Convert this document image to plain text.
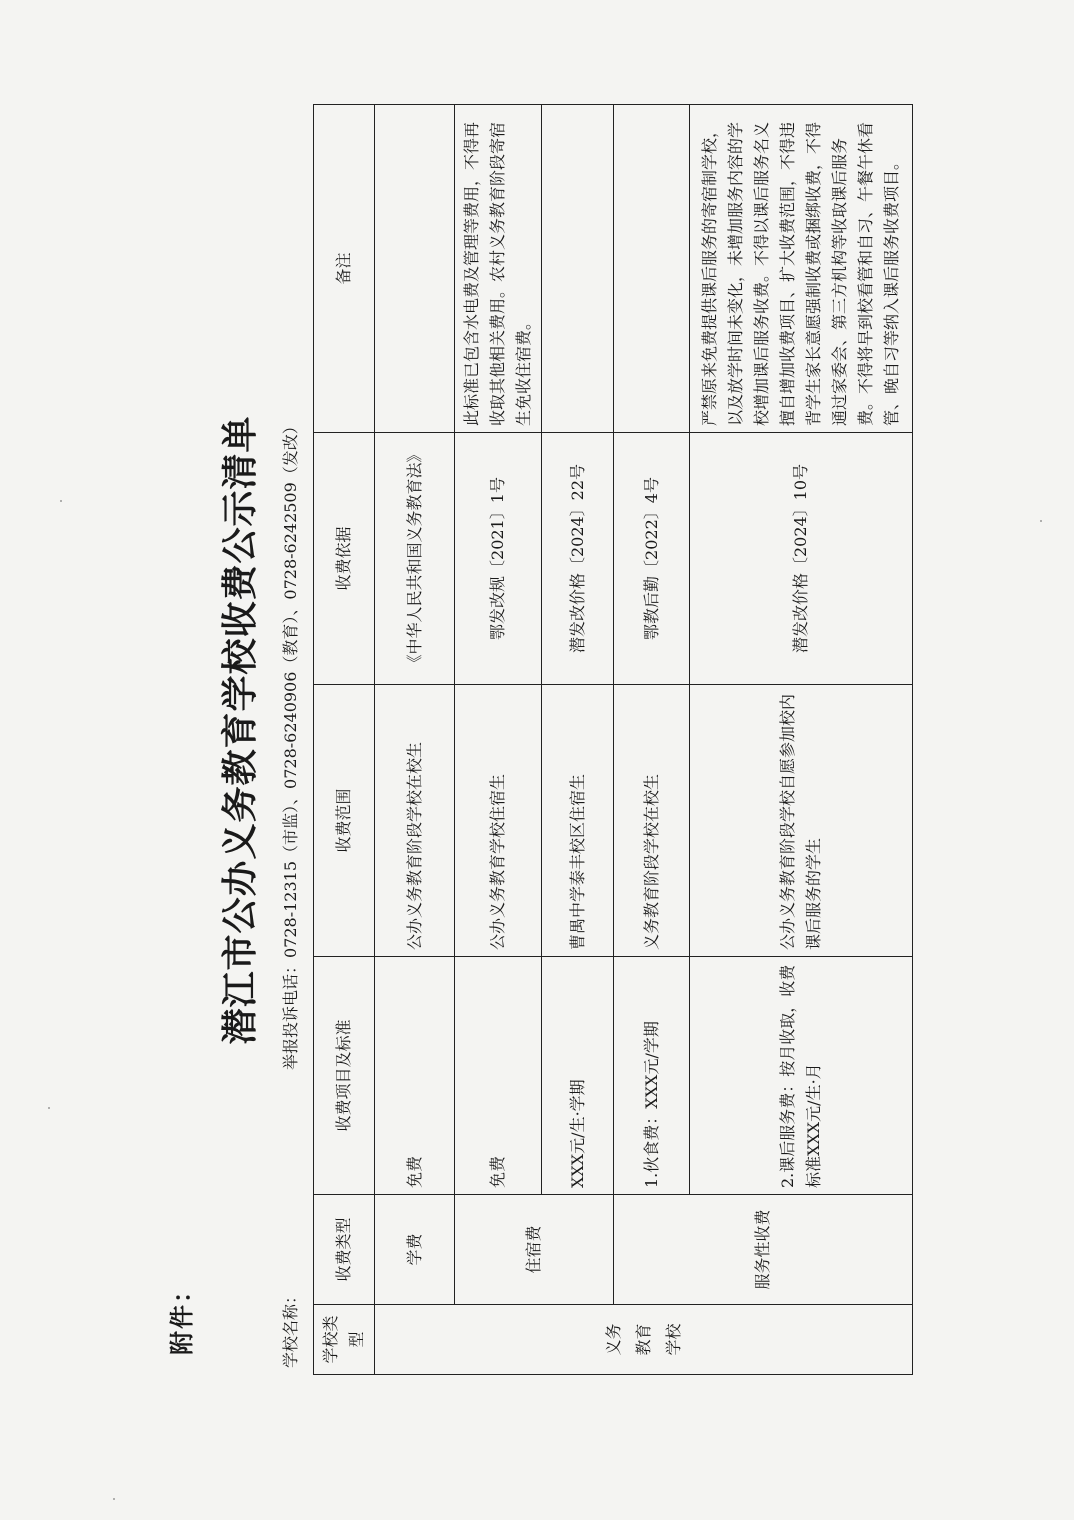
附件：
潜江市公办义务教育学校收费公示清单
学校名称：
举报投诉电话：0728-12315（市监）、0728-6240906（教育）、0728-6242509（发改）
学校类型	收费类型	收费项目及标准	收费范围	收费依据	备注

义务 教育 学校	学费	免费	公办义务教育阶段学校在校生	《中华人民共和国义务教育法》	
	住宿费	免费	公办义务教育学校住宿生	鄂发改规〔2021〕1号	此标准已包含水电费及管理等费用，不得再收取其他相关费用。农村义务教育阶段寄宿生免收住宿费。
		XXX元/生·学期	曹禺中学泰丰校区住宿生	潜发改价格〔2024〕22号	
	服务性收费	1.伙食费：XXX元/学期	义务教育阶段学校在校生	鄂教后勤〔2022〕4号	
		2.课后服务费：按月收取，收费标准XXX元/生·月	公办义务教育阶段学校自愿参加校内课后服务的学生	潜发改价格〔2024〕10号	严禁原来免费提供课后服务的寄宿制学校，以及放学时间未变化，未增加服务内容的学校增加课后服务收费。不得以课后服务名义擅自增加收费项目、扩大收费范围，不得违背学生家长意愿强制收费或捆绑收费，不得通过家委会、第三方机构等收取课后服务费。不得将早到校看管和自习、午餐午休看管、晚自习等纳入课后服务收费项目。
